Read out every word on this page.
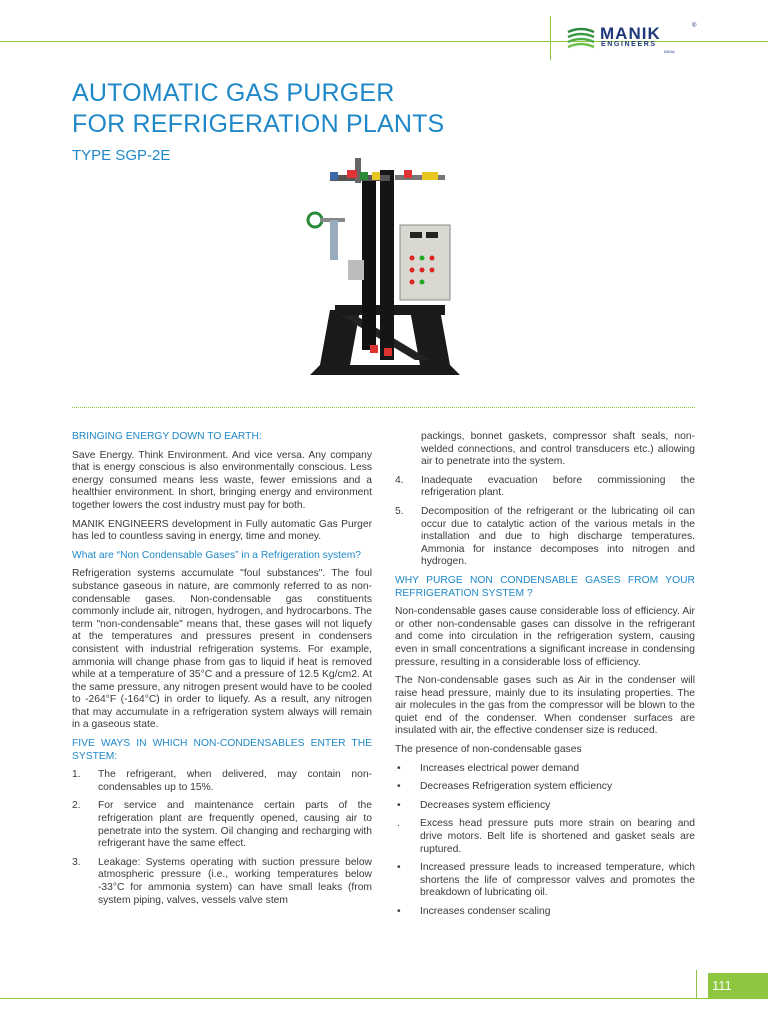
MANIK	®
ENGINEERS
INDIA
AUTOMATIC GAS PURGER
FOR REFRIGERATION PLANTS
TYPE SGP-2E

BRINGING ENERGY DOWN TO EARTH:

Save Energy. Think Environment. And vice versa. Any company that is energy conscious is also environmentally conscious. Less energy consumed means less waste, fewer emissions and a healthier environment. In short, bringing energy and environment together lowers the cost industry must pay for both.

MANIK ENGINEERS development in Fully automatic Gas Purger has led to countless saving in energy, time and money.

What are “Non Condensable Gases” in a Refrigeration system?

Refrigeration systems accumulate "foul substances". The foul substance gaseous in nature, are commonly referred to as non-condensable gases. Non-condensable gas constituents commonly include air, nitrogen, hydrogen, and hydrocarbons. The term "non-condensable" means that, these gases will not liquefy at the temperatures and pressures present in condensers consistent with industrial refrigeration systems. For example, ammonia will change phase from gas to liquid if heat is removed while at a temperature of 35°C and a pressure of 12.5 Kg/cm2. At the same pressure, any nitrogen present would have to be cooled to -264°F (-164°C) in order to liquefy. As a result, any nitrogen that may accumulate in a refrigeration system always will remain in a gaseous state.

FIVE WAYS IN WHICH NON-CONDENSABLES ENTER THE SYSTEM:

1. The refrigerant, when delivered, may contain non-condensables up to 15%.
2. For service and maintenance certain parts of the refrigeration plant are frequently opened, causing air to penetrate into the system. Oil changing and recharging with refrigerant have the same effect.
3. Leakage: Systems operating with suction pressure below atmospheric pressure (i.e., working temperatures below -33°C for ammonia system) can have small leaks (from system piping, valves, vessels valve stem
packings, bonnet gaskets, compressor shaft seals, non-welded connections, and control transducers etc.) allowing air to penetrate into the system.
4. Inadequate evacuation before commissioning the refrigeration plant.
5. Decomposition of the refrigerant or the lubricating oil can occur due to catalytic action of the various metals in the installation and due to high discharge temperatures. Ammonia for instance decomposes into nitrogen and hydrogen.

WHY PURGE NON CONDENSABLE GASES FROM YOUR REFRIGERATION SYSTEM ?

Non-condensable gases cause considerable loss of efficiency. Air or other non-condensable gases can dissolve in the refrigerant and come into circulation in the refrigeration system, causing even in small concentrations a significant increase in condensing pressure, resulting in a considerable loss of efficiency.

The Non-condensable gases such as Air in the condenser will raise head pressure, mainly due to its insulating properties. The air molecules in the gas from the compressor will be blown to the quiet end of the condenser. When condenser surfaces are insulated with air, the effective condenser size is reduced.

The presence of non-condensable gases

• Increases electrical power demand
• Decreases Refrigeration system efficiency
• Decreases system efficiency
. Excess head pressure puts more strain on bearing and drive motors. Belt life is shortened and gasket seals are ruptured.
• Increased pressure leads to increased temperature, which shortens the life of compressor valves and promotes the breakdown of lubricating oil.
• Increases condenser scaling
111
